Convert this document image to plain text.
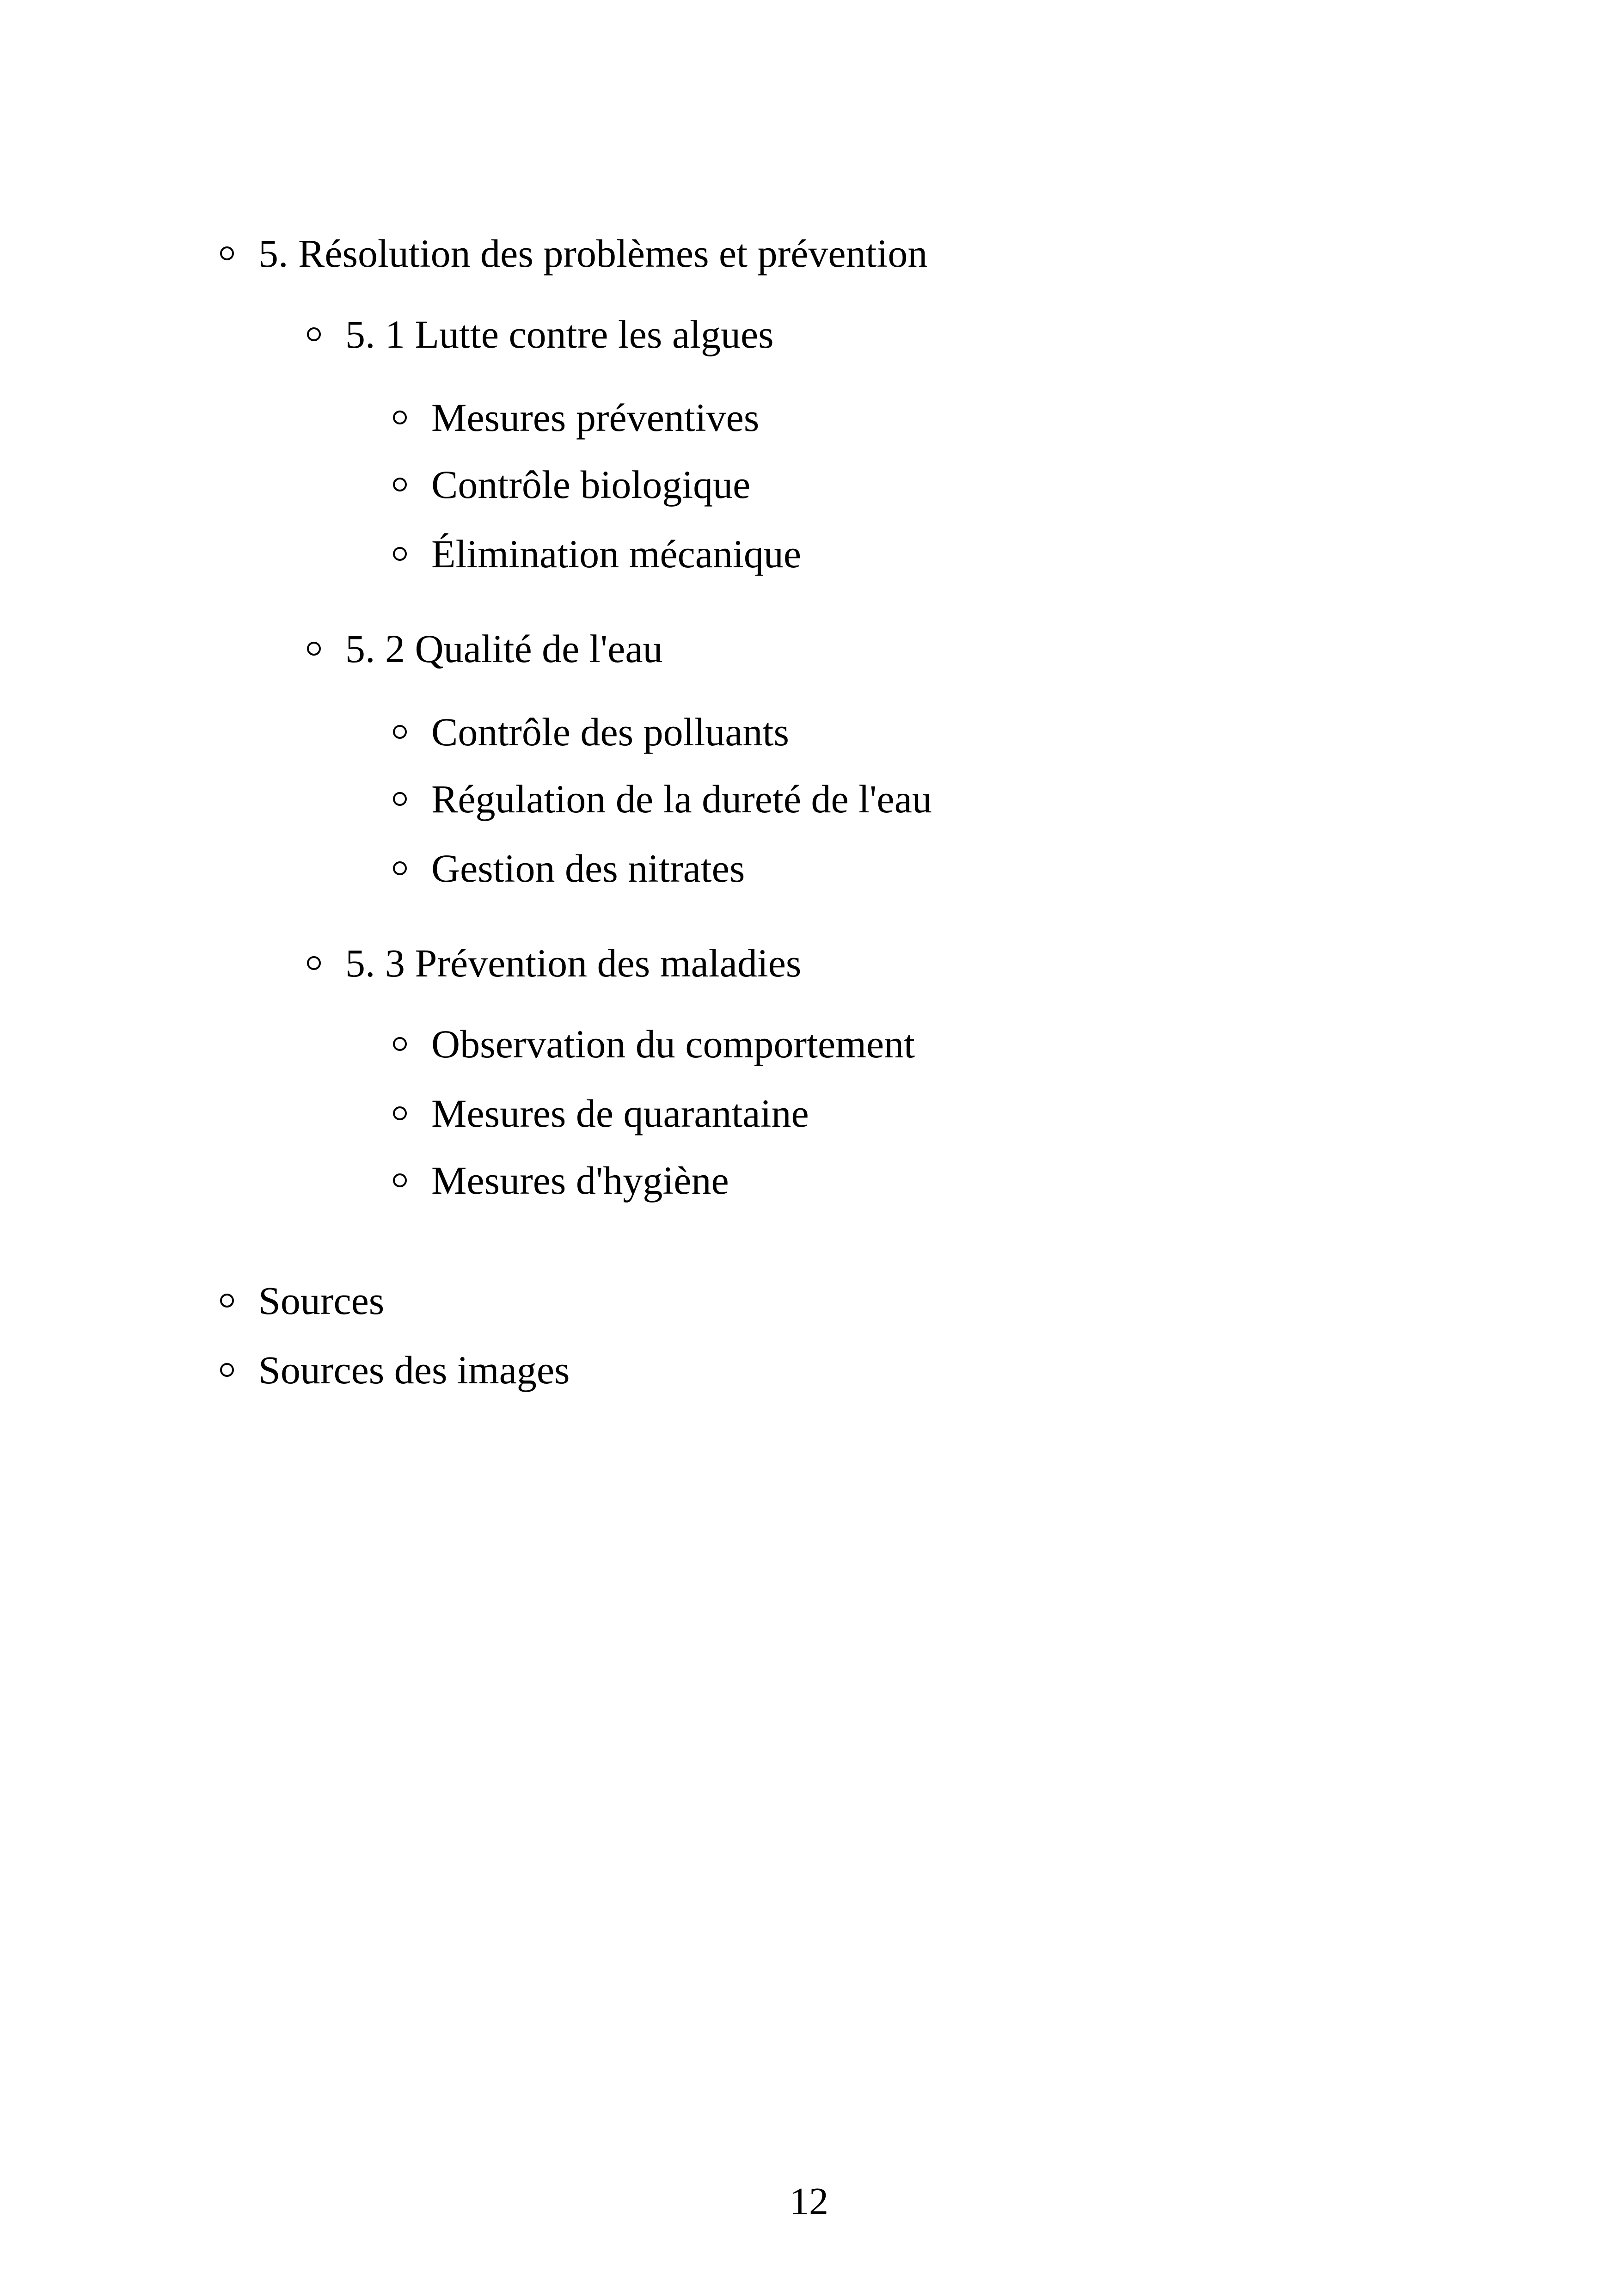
5. Résolution des problèmes et prévention
5. 1 Lutte contre les algues
Mesures préventives
Contrôle biologique
Élimination mécanique
5. 2 Qualité de l'eau
Contrôle des polluants
Régulation de la dureté de l'eau
Gestion des nitrates
5. 3 Prévention des maladies
Observation du comportement
Mesures de quarantaine
Mesures d'hygiène
Sources
Sources des images
12
